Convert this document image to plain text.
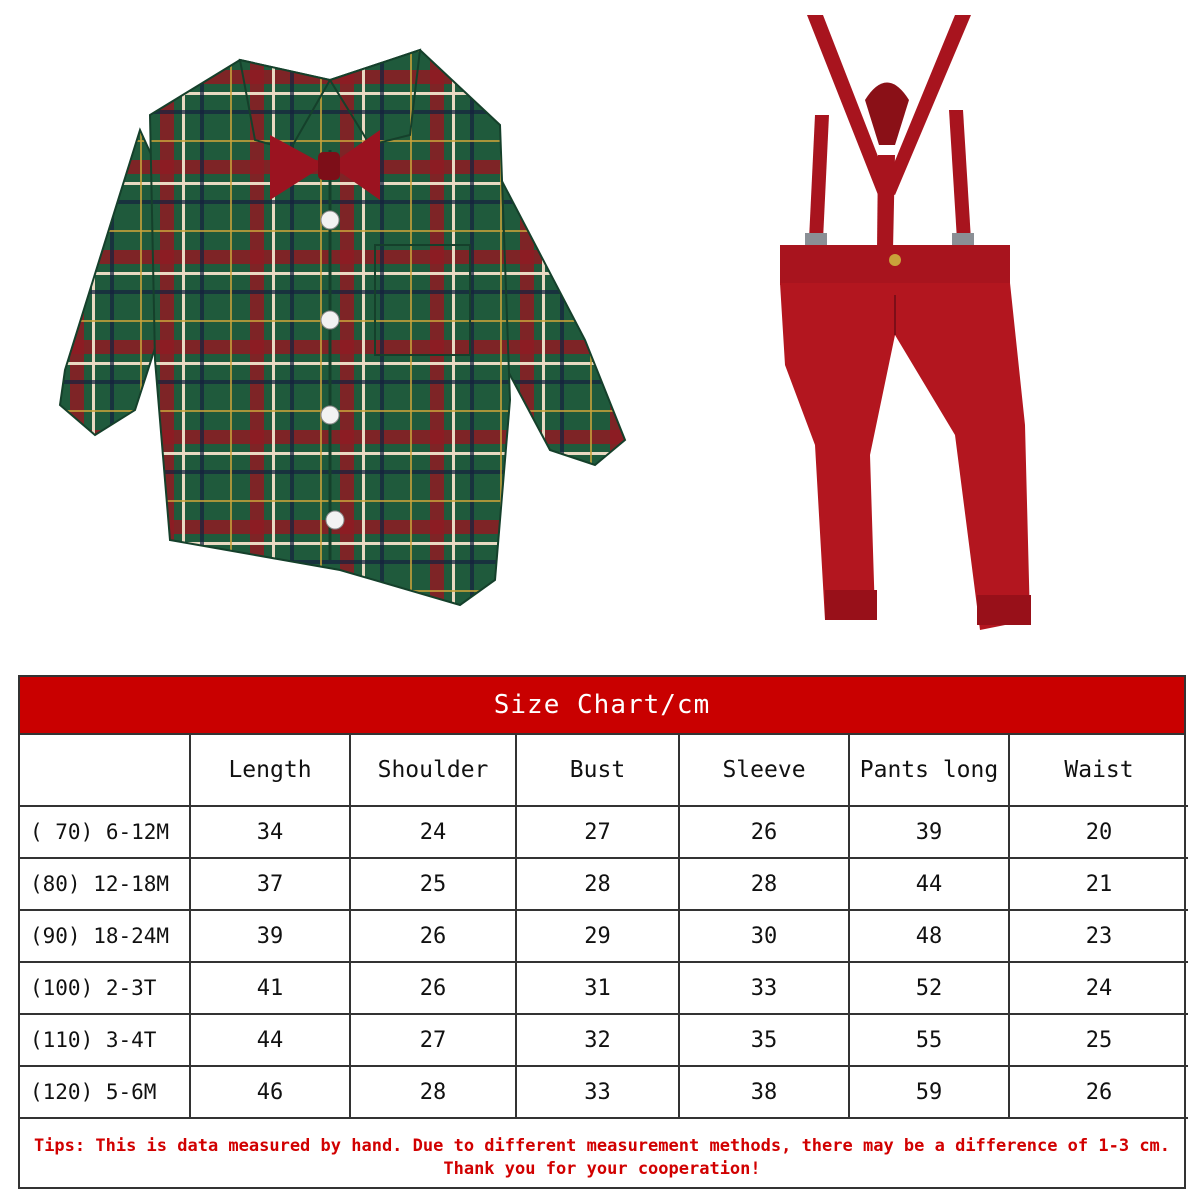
Size Chart/cm
	Length	Shoulder	Bust	Sleeve	Pants long	Waist
( 70) 6-12M	34	24	27	26	39	20
(80) 12-18M	37	25	28	28	44	21
(90) 18-24M	39	26	29	30	48	23
(100) 2-3T	41	26	31	33	52	24
(110) 3-4T	44	27	32	35	55	25
(120) 5-6M	46	28	33	38	59	26
Tips: This is data measured by hand. Due to different measurement methods, there may be a difference of 1-3 cm. Thank you for your cooperation!
